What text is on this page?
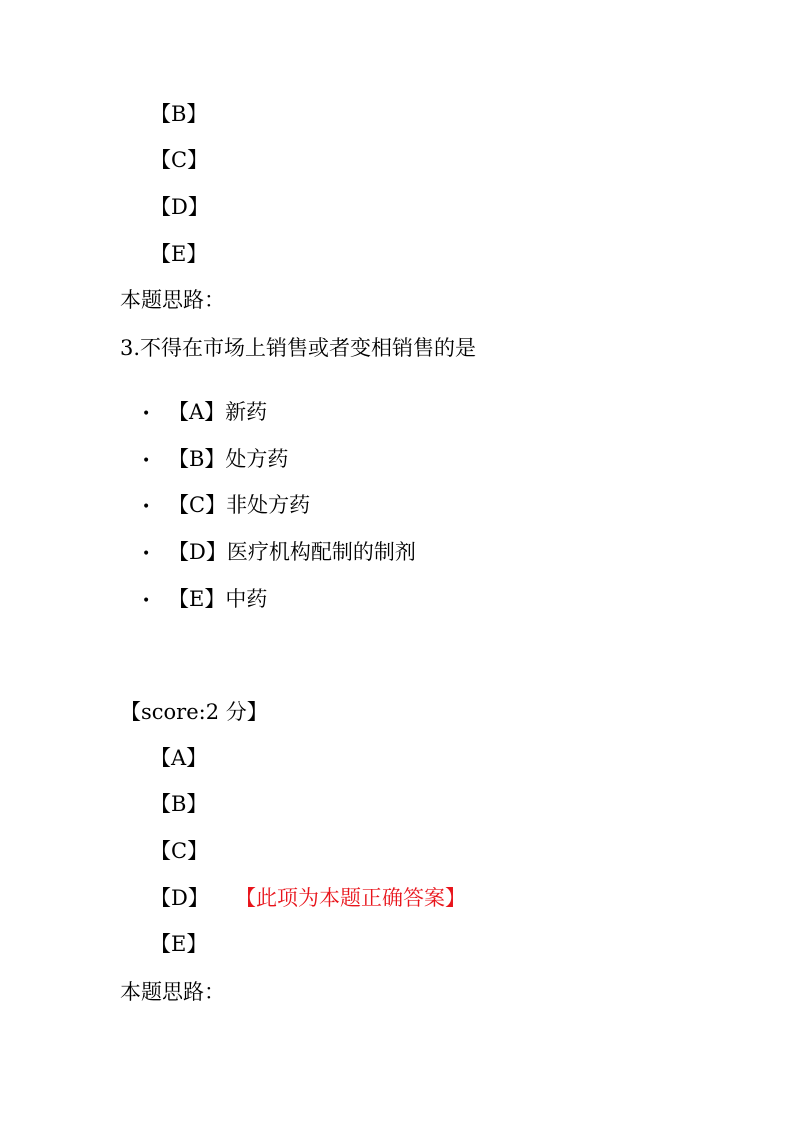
【B】
【C】
【D】
【E】
本题思路：
3.不得在市场上销售或者变相销售的是
• 【A】新药
• 【B】处方药
• 【C】非处方药
• 【D】医疗机构配制的制剂
• 【E】中药
【score:2 分】
【A】
【B】
【C】
【D】 【此项为本题正确答案】
【E】
本题思路：
